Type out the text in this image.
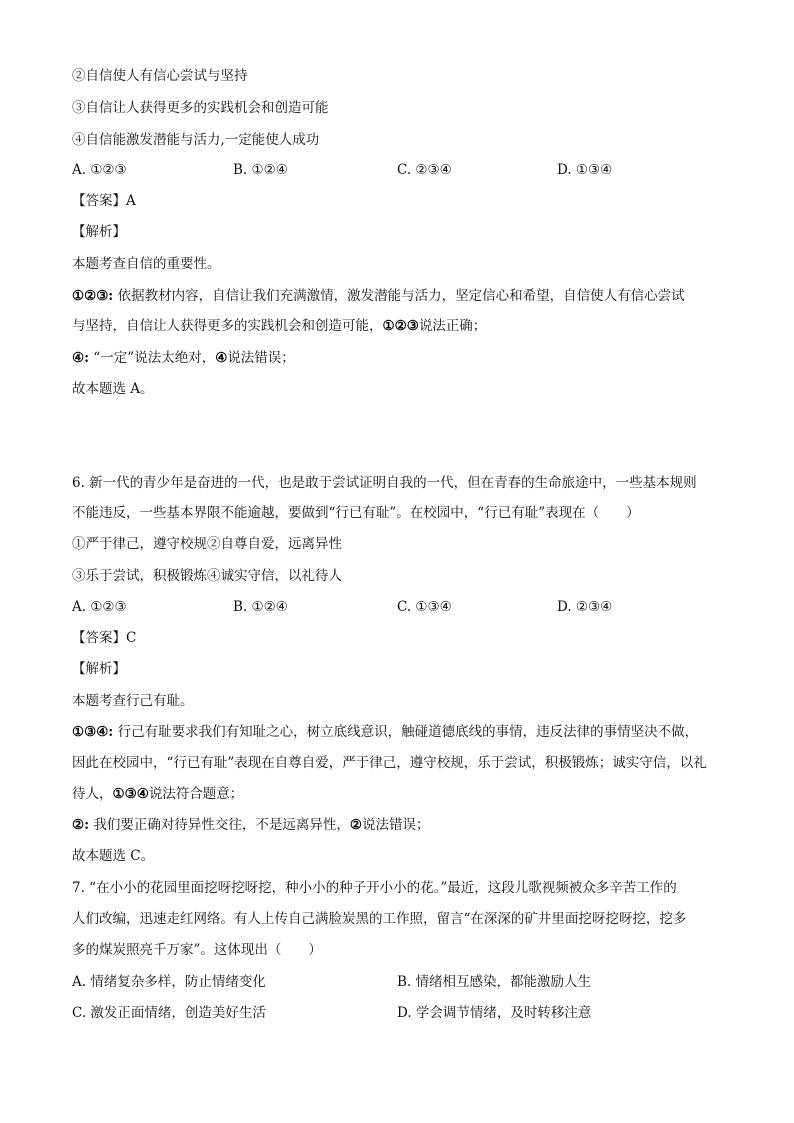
②自信使人有信心尝试与坚持
③自信让人获得更多的实践机会和创造可能
④自信能激发潜能与活力,一定能使人成功
A. ①②③	B. ①②④	C. ②③④	D. ①③④
【答案】A
【解析】
本题考查自信的重要性。
①②③: 依据教材内容，自信让我们充满激情，激发潜能与活力，坚定信心和希望，自信使人有信心尝试
与坚持，自信让人获得更多的实践机会和创造可能，①②③说法正确；
④: “一定”说法太绝对，④说法错误；
故本题选 A。
6. 新一代的青少年是奋进的一代，也是敢于尝试证明自我的一代，但在青春的生命旅途中，一些基本规则
不能违反，一些基本界限不能逾越，要做到“行已有耻”。在校园中，“行已有耻”表现在（　　）
①严于律己，遵守校规②自尊自爱，远离异性
③乐于尝试，积极锻炼④诚实守信，以礼待人
A. ①②③	B. ①②④	C. ①③④	D. ②③④
【答案】C
【解析】
本题考查行己有耻。
①③④: 行己有耻要求我们有知耻之心，树立底线意识，触碰道德底线的事情，违反法律的事情坚决不做，
因此在校园中，“行已有耻”表现在自尊自爱，严于律己，遵守校规，乐于尝试，积极锻炼；诚实守信，以礼
待人，①③④说法符合题意；
②: 我们要正确对待异性交往，不是远离异性，②说法错误；
故本题选 C。
7. “在小小的花园里面挖呀挖呀挖，种小小的种子开小小的花。”最近，这段儿歌视频被众多辛苦工作的
人们改编，迅速走红网络。有人上传自己满脸炭黑的工作照，留言“在深深的矿井里面挖呀挖呀挖，挖多
多的煤炭照亮千万家”。这体现出（　　）
A. 情绪复杂多样，防止情绪变化	B. 情绪相互感染，都能激励人生
C. 激发正面情绪，创造美好生活	D. 学会调节情绪，及时转移注意
